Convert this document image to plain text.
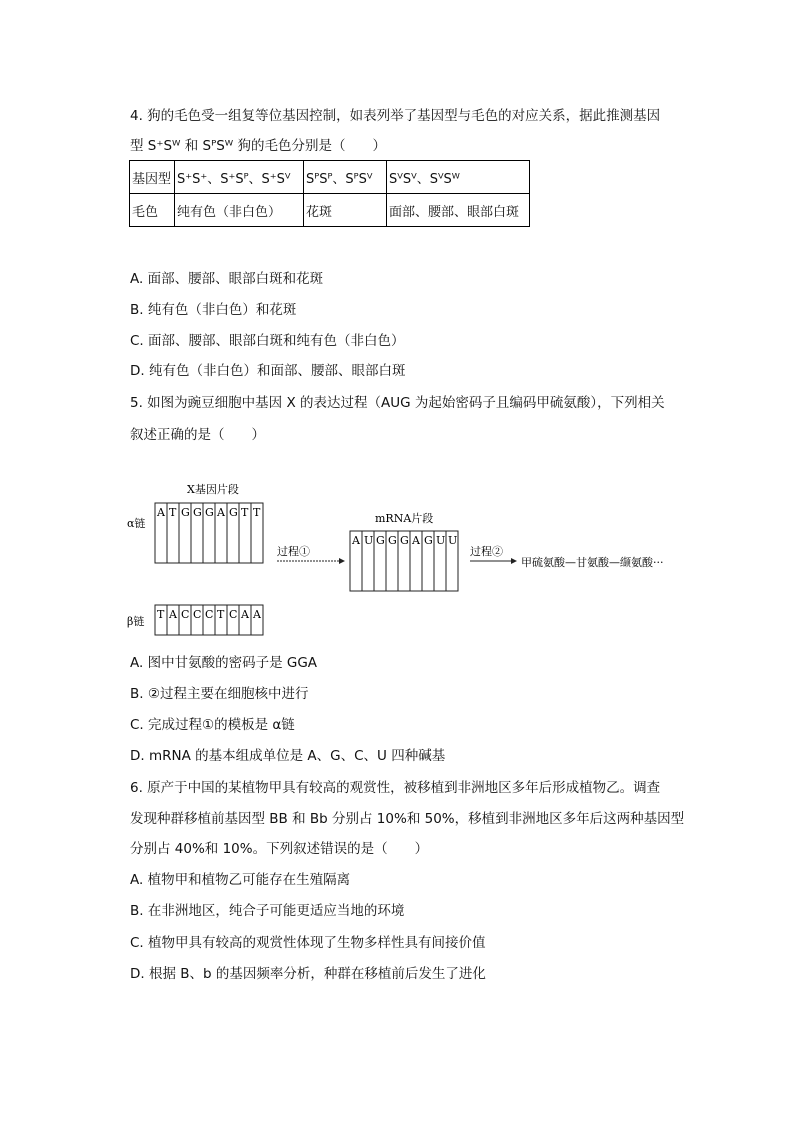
4. 狗的毛色受一组复等位基因控制，如表列举了基因型与毛色的对应关系，据此推测基因
型 S⁺Sᵂ 和 SᴾSᵂ 狗的毛色分别是（　　）
基因型	S⁺S⁺、S⁺Sᴾ、S⁺Sⱽ	SᴾSᴾ、SᴾSⱽ	SⱽSⱽ、SⱽSᵂ
毛色	纯有色（非白色）	花斑	面部、腰部、眼部白斑
A. 面部、腰部、眼部白斑和花斑
B. 纯有色（非白色）和花斑
C. 面部、腰部、眼部白斑和纯有色（非白色）
D. 纯有色（非白色）和面部、腰部、眼部白斑
5. 如图为豌豆细胞中基因 X 的表达过程（AUG 为起始密码子且编码甲硫氨酸），下列相关
叙述正确的是（　　）
X基因片段
α链
β链
A T G G G A G T T
T A C C C T C A A
过程①
mRNA片段
A U G G G A G U U
过程②
甲硫氨酸—甘氨酸—缬氨酸···
A. 图中甘氨酸的密码子是 GGA
B. ②过程主要在细胞核中进行
C. 完成过程①的模板是 α链
D. mRNA 的基本组成单位是 A、G、C、U 四种碱基
6. 原产于中国的某植物甲具有较高的观赏性，被移植到非洲地区多年后形成植物乙。调查
发现种群移植前基因型 BB 和 Bb 分别占 10%和 50%，移植到非洲地区多年后这两种基因型
分别占 40%和 10%。下列叙述错误的是（　　）
A. 植物甲和植物乙可能存在生殖隔离
B. 在非洲地区，纯合子可能更适应当地的环境
C. 植物甲具有较高的观赏性体现了生物多样性具有间接价值
D. 根据 B、b 的基因频率分析，种群在移植前后发生了进化
